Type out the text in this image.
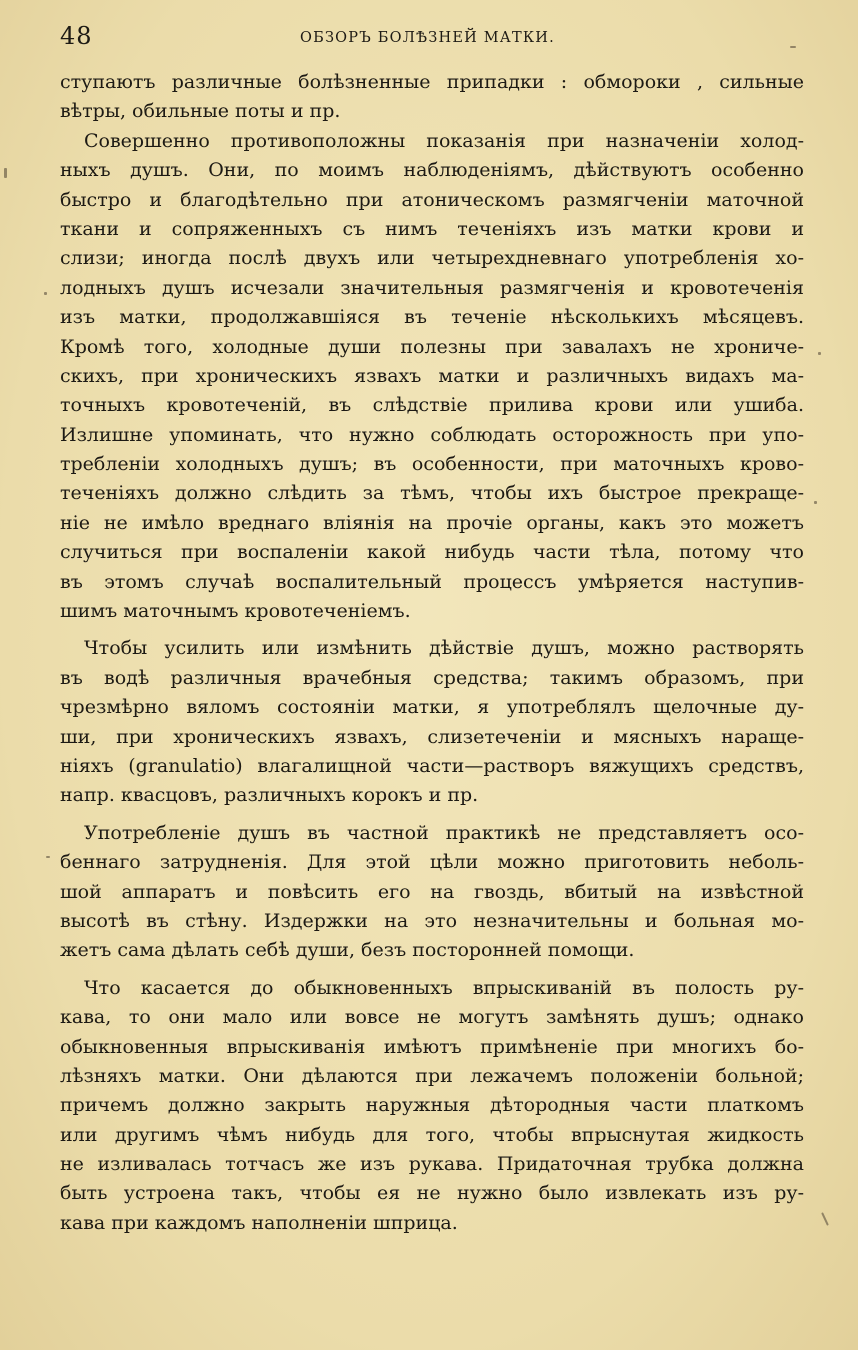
48	ОБЗОРЪ БОЛѢЗНЕЙ МАТКИ.
ступаютъ различные болѣзненные припадки : обмороки , сильные
вѣтры, обильные поты и пр.
Совершенно противоположны показанія при назначеніи холод-
ныхъ душъ. Они, по моимъ наблюденіямъ, дѣйствуютъ особенно
быстро и благодѣтельно при атоническомъ размягченіи маточной
ткани и сопряженныхъ съ нимъ теченіяхъ изъ матки крови и
слизи; иногда послѣ двухъ или четырехдневнаго употребленія хо-
лодныхъ душъ исчезали значительныя размягченія и кровотеченія
изъ матки, продолжавшіяся въ теченіе нѣсколькихъ мѣсяцевъ.
Кромѣ того, холодные души полезны при завалахъ не хрониче-
скихъ, при хроническихъ язвахъ матки и различныхъ видахъ ма-
точныхъ кровотеченій, въ слѣдствіе прилива крови или ушиба.
Излишне упоминать, что нужно соблюдать осторожность при упо-
требленіи холодныхъ душъ; въ особенности, при маточныхъ крово-
теченіяхъ должно слѣдить за тѣмъ, чтобы ихъ быстрое прекраще-
ніе не имѣло вреднаго вліянія на прочіе органы, какъ это можетъ
случиться при воспаленіи какой нибудь части тѣла, потому что
въ этомъ случаѣ воспалительный процессъ умѣряется наступив-
шимъ маточнымъ кровотеченіемъ.
Чтобы усилить или измѣнить дѣйствіе душъ, можно растворять
въ водѣ различныя врачебныя средства; такимъ образомъ, при
чрезмѣрно вяломъ состояніи матки, я употреблялъ щелочные ду-
ши, при хроническихъ язвахъ, слизетеченіи и мясныхъ нараще-
ніяхъ (granulatio) влагалищной части—растворъ вяжущихъ средствъ,
напр. квасцовъ, различныхъ корокъ и пр.
Употребленіе душъ въ частной практикѣ не представляетъ осо-
беннаго затрудненія. Для этой цѣли можно приготовить неболь-
шой аппаратъ и повѣсить его на гвоздь, вбитый на извѣстной
высотѣ въ стѣну. Издержки на это незначительны и больная мо-
жетъ сама дѣлать себѣ души, безъ посторонней помощи.
Что касается до обыкновенныхъ впрыскиваній въ полость ру-
кава, то они мало или вовсе не могутъ замѣнять душъ; однако
обыкновенныя впрыскиванія имѣютъ примѣненіе при многихъ бо-
лѣзняхъ матки. Они дѣлаются при лежачемъ положеніи больной;
причемъ должно закрыть наружныя дѣтородныя части платкомъ
или другимъ чѣмъ нибудь для того, чтобы впрыснутая жидкость
не изливалась тотчасъ же изъ рукава. Придаточная трубка должна
быть устроена такъ, чтобы ея не нужно было извлекать изъ ру-
кава при каждомъ наполненіи шприца.
